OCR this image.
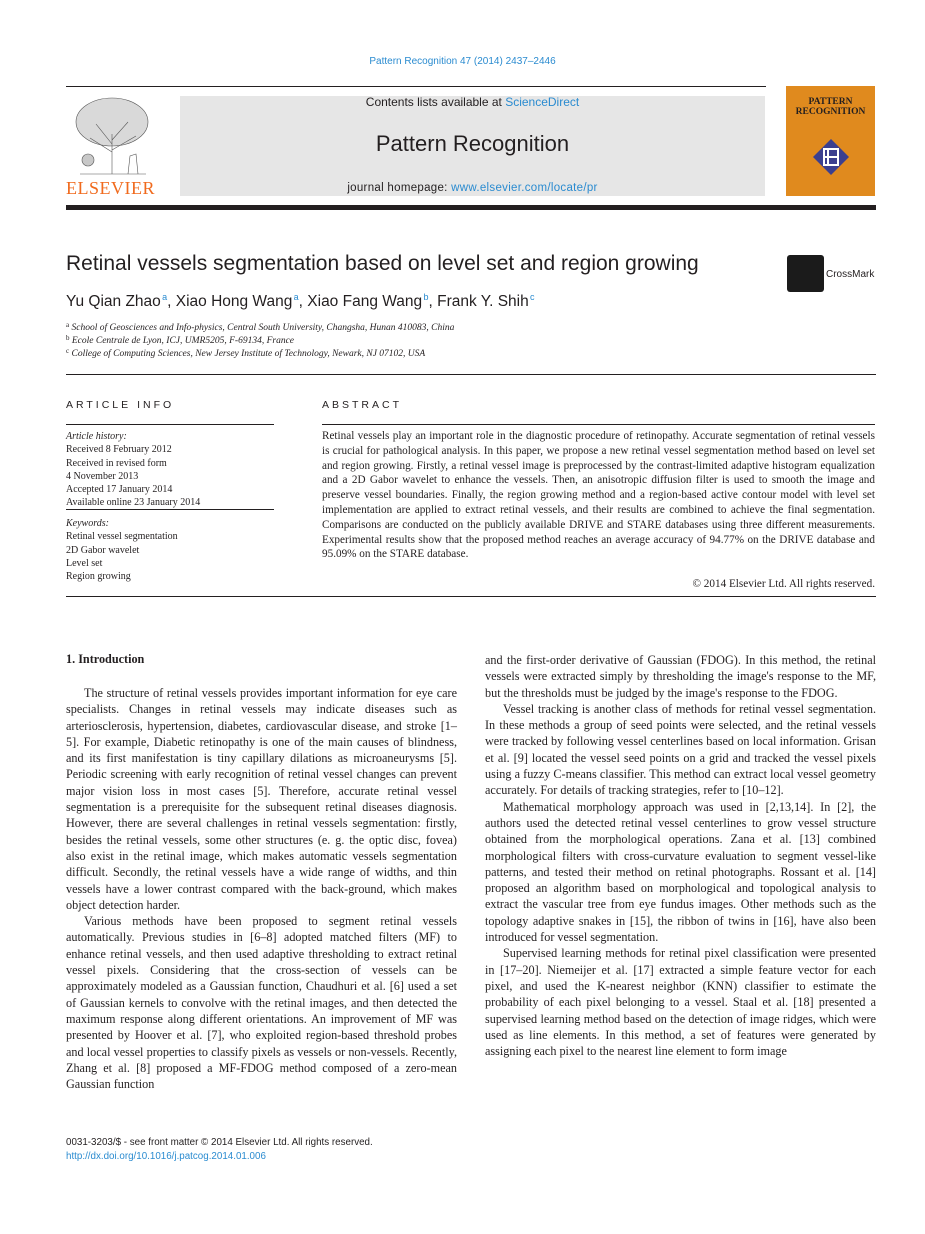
Pattern Recognition 47 (2014) 2437–2446
ELSEVIER
Contents lists available at ScienceDirect
Pattern Recognition
journal homepage: www.elsevier.com/locate/pr
PATTERN
RECOGNITION
Retinal vessels segmentation based on level set and region growing	CrossMark
Yu Qian Zhao $^a$, Xiao Hong Wang $^a$, Xiao Fang Wang $^b$, Frank Y. Shih $^c$
$^a$ School of Geosciences and Info-physics, Central South University, Changsha, Hunan 410083, China
$^b$ Ecole Centrale de Lyon, ICJ, UMR5205, F-69134, France
$^c$ College of Computing Sciences, New Jersey Institute of Technology, Newark, NJ 07102, USA
ARTICLE INFO
Article history:
Received 8 February 2012
Received in revised form
4 November 2013
Accepted 17 January 2014
Available online 23 January 2014
Keywords:
Retinal vessel segmentation
2D Gabor wavelet
Level set
Region growing
ABSTRACT
Retinal vessels play an important role in the diagnostic procedure of retinopathy. Accurate segmentation of retinal vessels is crucial for pathological analysis. In this paper, we propose a new retinal vessel segmentation method based on level set and region growing. Firstly, a retinal vessel image is preprocessed by the contrast-limited adaptive histogram equalization and a 2D Gabor wavelet to enhance the vessels. Then, an anisotropic diffusion filter is used to smooth the image and preserve vessel boundaries. Finally, the region growing method and a region-based active contour model with level set implementation are applied to extract retinal vessels, and their results are combined to achieve the final segmentation. Comparisons are conducted on the publicly available DRIVE and STARE databases using three different measurements. Experimental results show that the proposed method reaches an average accuracy of 94.77% on the DRIVE database and 95.09% on the STARE database.
© 2014 Elsevier Ltd. All rights reserved.
1. Introduction

The structure of retinal vessels provides important information for eye care specialists. Changes in retinal vessels may indicate diseases such as arteriosclerosis, hypertension, diabetes, cardiovascular disease, and stroke [1–5]. For example, Diabetic retinopathy is one of the main causes of blindness, and its first manifestation is tiny capillary dilations as microaneurysms [5]. Periodic screening with early recognition of retinal vessel changes can prevent major vision loss in most cases [5]. Therefore, accurate retinal vessel segmentation is a prerequisite for the subsequent retinal diseases diagnosis. However, there are several challenges in retinal vessels segmentation: firstly, besides the retinal vessels, some other structures (e. g. the optic disc, fovea) also exist in the retinal image, which makes automatic vessels segmentation difficult. Secondly, the retinal vessels have a wide range of widths, and thin vessels have a lower contrast compared with the back-ground, which makes object detection harder.

Various methods have been proposed to segment retinal vessels automatically. Previous studies in [6–8] adopted matched filters (MF) to enhance retinal vessels, and then used adaptive thresholding to extract retinal vessel pixels. Considering that the cross-section of vessels can be approximately modeled as a Gaussian function, Chaudhuri et al. [6] used a set of Gaussian kernels to convolve with the retinal images, and then detected the maximum response along different orientations. An improvement of MF was presented by Hoover et al. [7], who exploited region-based threshold probes and local vessel properties to classify pixels as vessels or non-vessels. Recently, Zhang et al. [8] proposed a MF-FDOG method composed of a zero-mean Gaussian function

and the first-order derivative of Gaussian (FDOG). In this method, the retinal vessels were extracted simply by thresholding the image's response to the MF, but the thresholds must be judged by the image's response to the FDOG.

Vessel tracking is another class of methods for retinal vessel segmentation. In these methods a group of seed points were selected, and the retinal vessels were tracked by following vessel centerlines based on local information. Grisan et al. [9] located the vessel seed points on a grid and tracked the vessel pixels using a fuzzy C-means classifier. This method can extract local vessel geometry accurately. For details of tracking strategies, refer to [10–12].

Mathematical morphology approach was used in [2,13,14]. In [2], the authors used the detected retinal vessel centerlines to grow vessel structure obtained from the morphological operations. Zana et al. [13] combined morphological filters with cross-curvature evaluation to segment vessel-like patterns, and tested their method on retinal photographs. Rossant et al. [14] proposed an algorithm based on morphological and topological analysis to extract the vascular tree from eye fundus images. Other methods such as the topology adaptive snakes in [15], the ribbon of twins in [16], have also been introduced for vessel segmentation.

Supervised learning methods for retinal pixel classification were presented in [17–20]. Niemeijer et al. [17] extracted a simple feature vector for each pixel, and used the K-nearest neighbor (KNN) classifier to estimate the probability of each pixel belonging to a vessel. Staal et al. [18] presented a supervised learning method based on the detection of image ridges, which were used as line elements. In this method, a set of features were generated by assigning each pixel to the nearest line element to form image

0031-3203/$ - see front matter © 2014 Elsevier Ltd. All rights reserved.
http://dx.doi.org/10.1016/j.patcog.2014.01.006
